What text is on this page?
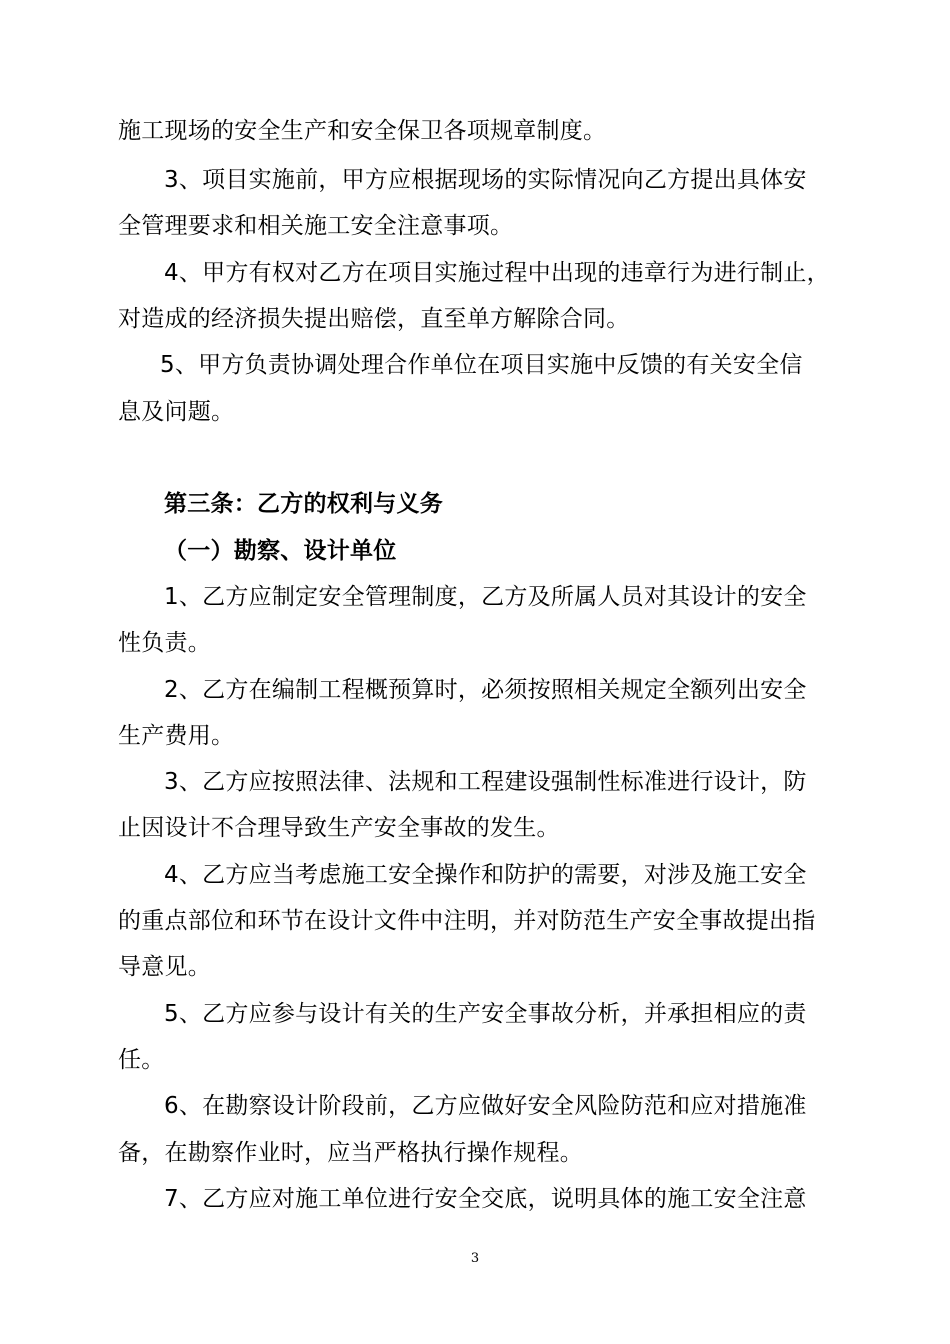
施工现场的安全生产和安全保卫各项规章制度。
3、项目实施前，甲方应根据现场的实际情况向乙方提出具体安
全管理要求和相关施工安全注意事项。
4、甲方有权对乙方在项目实施过程中出现的违章行为进行制止，
对造成的经济损失提出赔偿，直至单方解除合同。
5、甲方负责协调处理合作单位在项目实施中反馈的有关安全信
息及问题。
第三条：乙方的权利与义务
（一）勘察、设计单位
1、乙方应制定安全管理制度，乙方及所属人员对其设计的安全
性负责。
2、乙方在编制工程概预算时，必须按照相关规定全额列出安全
生产费用。
3、乙方应按照法律、法规和工程建设强制性标准进行设计，防
止因设计不合理导致生产安全事故的发生。
4、乙方应当考虑施工安全操作和防护的需要，对涉及施工安全
的重点部位和环节在设计文件中注明，并对防范生产安全事故提出指
导意见。
5、乙方应参与设计有关的生产安全事故分析，并承担相应的责
任。
6、在勘察设计阶段前，乙方应做好安全风险防范和应对措施准
备，在勘察作业时，应当严格执行操作规程。
7、乙方应对施工单位进行安全交底，说明具体的施工安全注意
3
